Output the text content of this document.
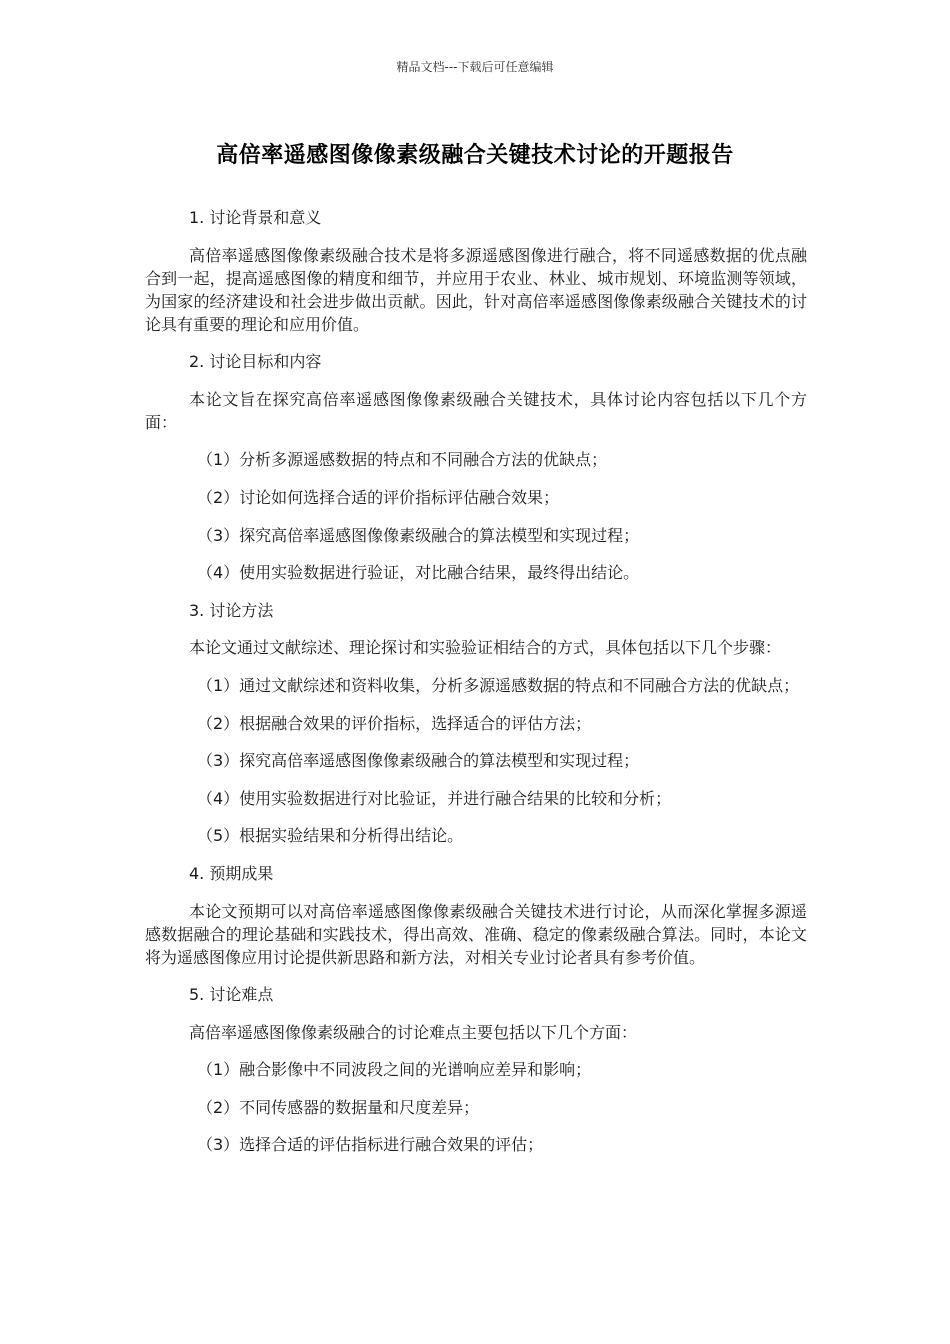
精品文档---下载后可任意编辑
高倍率遥感图像像素级融合关键技术讨论的开题报告

1. 讨论背景和意义

高倍率遥感图像像素级融合技术是将多源遥感图像进行融合，将不同遥感数据的优点融合到一起，提高遥感图像的精度和细节，并应用于农业、林业、城市规划、环境监测等领域，为国家的经济建设和社会进步做出贡献。因此，针对高倍率遥感图像像素级融合关键技术的讨论具有重要的理论和应用价值。

2. 讨论目标和内容

本论文旨在探究高倍率遥感图像像素级融合关键技术，具体讨论内容包括以下几个方面：

（1）分析多源遥感数据的特点和不同融合方法的优缺点；

（2）讨论如何选择合适的评价指标评估融合效果；

（3）探究高倍率遥感图像像素级融合的算法模型和实现过程；

（4）使用实验数据进行验证，对比融合结果，最终得出结论。

3. 讨论方法

本论文通过文献综述、理论探讨和实验验证相结合的方式，具体包括以下几个步骤：

（1）通过文献综述和资料收集，分析多源遥感数据的特点和不同融合方法的优缺点；

（2）根据融合效果的评价指标，选择适合的评估方法；

（3）探究高倍率遥感图像像素级融合的算法模型和实现过程；

（4）使用实验数据进行对比验证，并进行融合结果的比较和分析；

（5）根据实验结果和分析得出结论。

4. 预期成果

本论文预期可以对高倍率遥感图像像素级融合关键技术进行讨论，从而深化掌握多源遥感数据融合的理论基础和实践技术，得出高效、准确、稳定的像素级融合算法。同时，本论文将为遥感图像应用讨论提供新思路和新方法，对相关专业讨论者具有参考价值。

5. 讨论难点

高倍率遥感图像像素级融合的讨论难点主要包括以下几个方面：

（1）融合影像中不同波段之间的光谱响应差异和影响；

（2）不同传感器的数据量和尺度差异；

（3）选择合适的评估指标进行融合效果的评估；
